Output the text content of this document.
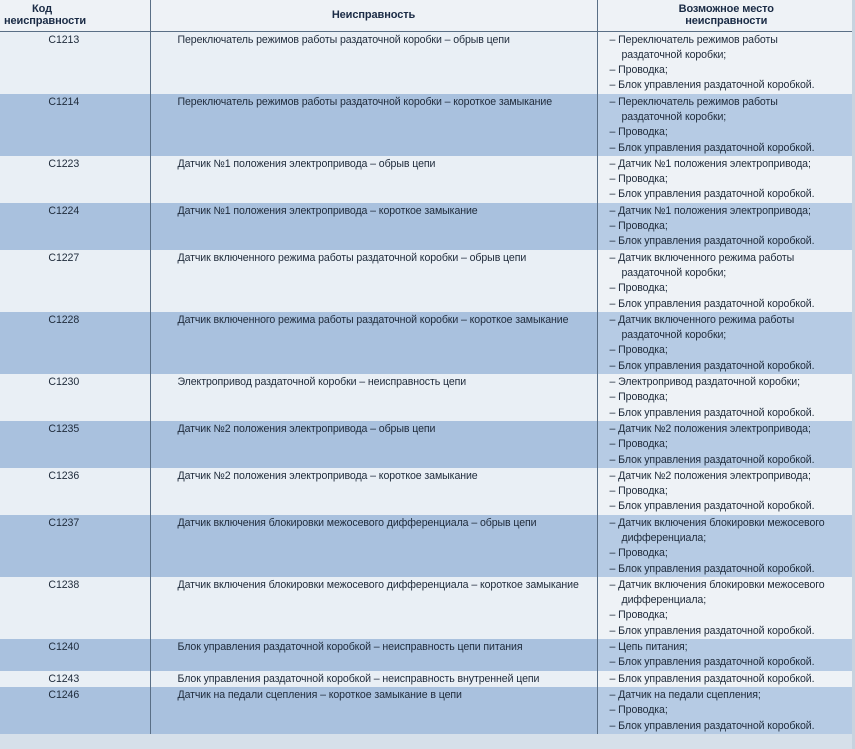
Код
неисправности	Неисправность	Возможное место
неисправности

C1213	Переключатель режимов работы раздаточной коробки – обрыв цепи	– Переключатель режимов работы
раздаточной коробки;
– Проводка;
– Блок управления раздаточной коробкой.

C1214	Переключатель режимов работы раздаточной коробки – короткое замыкание	– Переключатель режимов работы
раздаточной коробки;
– Проводка;
– Блок управления раздаточной коробкой.

C1223	Датчик №1 положения электропривода – обрыв цепи	– Датчик №1 положения электропривода;
– Проводка;
– Блок управления раздаточной коробкой.

C1224	Датчик №1 положения электропривода – короткое замыкание	– Датчик №1 положения электропривода;
– Проводка;
– Блок управления раздаточной коробкой.

C1227	Датчик включенного режима работы раздаточной коробки – обрыв цепи	– Датчик включенного режима работы
раздаточной коробки;
– Проводка;
– Блок управления раздаточной коробкой.

C1228	Датчик включенного режима работы раздаточной коробки – короткое замыкание	– Датчик включенного режима работы
раздаточной коробки;
– Проводка;
– Блок управления раздаточной коробкой.

C1230	Электропривод раздаточной коробки – неисправность цепи	– Электропривод раздаточной коробки;
– Проводка;
– Блок управления раздаточной коробкой.

C1235	Датчик №2 положения электропривода – обрыв цепи	– Датчик №2 положения электропривода;
– Проводка;
– Блок управления раздаточной коробкой.

C1236	Датчик №2 положения электропривода – короткое замыкание	– Датчик №2 положения электропривода;
– Проводка;
– Блок управления раздаточной коробкой.

C1237	Датчик включения блокировки межосевого дифференциала – обрыв цепи	– Датчик включения блокировки межосевого
дифференциала;
– Проводка;
– Блок управления раздаточной коробкой.

C1238	Датчик включения блокировки межосевого дифференциала – короткое замыкание	– Датчик включения блокировки межосевого
дифференциала;
– Проводка;
– Блок управления раздаточной коробкой.

C1240	Блок управления раздаточной коробкой – неисправность цепи питания	– Цепь питания;
– Блок управления раздаточной коробкой.

C1243	Блок управления раздаточной коробкой – неисправность внутренней цепи	– Блок управления раздаточной коробкой.

C1246	Датчик на педали сцепления – короткое замыкание в цепи	– Датчик на педали сцепления;
– Проводка;
– Блок управления раздаточной коробкой.
